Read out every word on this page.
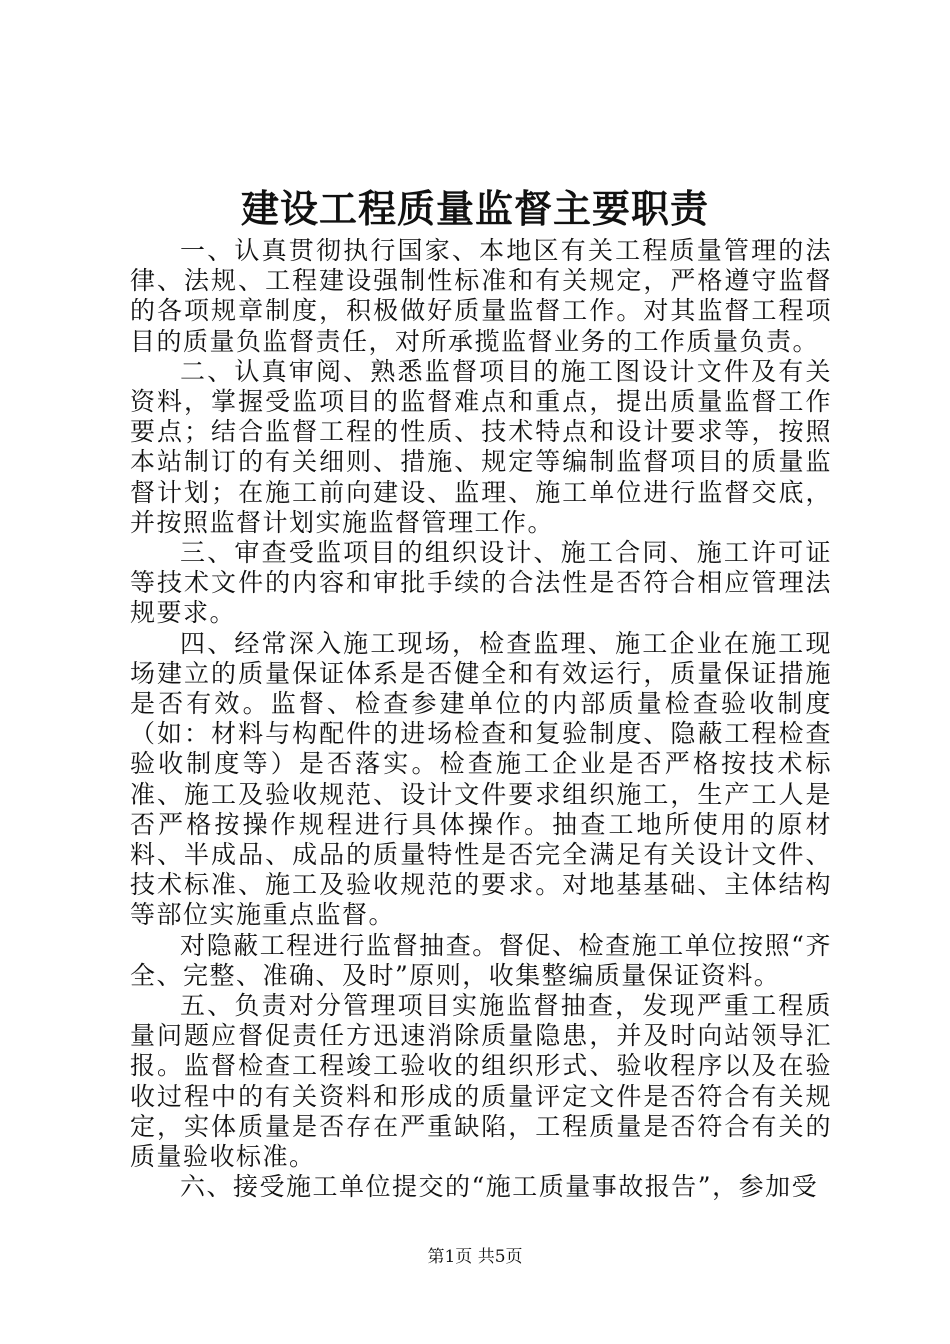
建设工程质量监督主要职责

一、认真贯彻执行国家、本地区有关工程质量管理的法律、法规、工程建设强制性标准和有关规定，严格遵守监督的各项规章制度，积极做好质量监督工作。对其监督工程项目的质量负监督责任，对所承揽监督业务的工作质量负责。

二、认真审阅、熟悉监督项目的施工图设计文件及有关资料，掌握受监项目的监督难点和重点，提出质量监督工作要点；结合监督工程的性质、技术特点和设计要求等，按照本站制订的有关细则、措施、规定等编制监督项目的质量监督计划；在施工前向建设、监理、施工单位进行监督交底，并按照监督计划实施监督管理工作。

三、审查受监项目的组织设计、施工合同、施工许可证等技术文件的内容和审批手续的合法性是否符合相应管理法规要求。

四、经常深入施工现场，检查监理、施工企业在施工现场建立的质量保证体系是否健全和有效运行，质量保证措施是否有效。监督、检查参建单位的内部质量检查验收制度（如：材料与构配件的进场检查和复验制度、隐蔽工程检查验收制度等）是否落实。检查施工企业是否严格按技术标准、施工及验收规范、设计文件要求组织施工，生产工人是否严格按操作规程进行具体操作。抽查工地所使用的原材料、半成品、成品的质量特性是否完全满足有关设计文件、技术标准、施工及验收规范的要求。对地基基础、主体结构等部位实施重点监督。

对隐蔽工程进行监督抽查。督促、检查施工单位按照“齐全、完整、准确、及时”原则，收集整编质量保证资料。

五、负责对分管理项目实施监督抽查，发现严重工程质量问题应督促责任方迅速消除质量隐患，并及时向站领导汇报。监督检查工程竣工验收的组织形式、验收程序以及在验收过程中的有关资料和形成的质量评定文件是否符合有关规定，实体质量是否存在严重缺陷，工程质量是否符合有关的质量验收标准。

六、接受施工单位提交的“施工质量事故报告”，参加受

第1页 共5页
